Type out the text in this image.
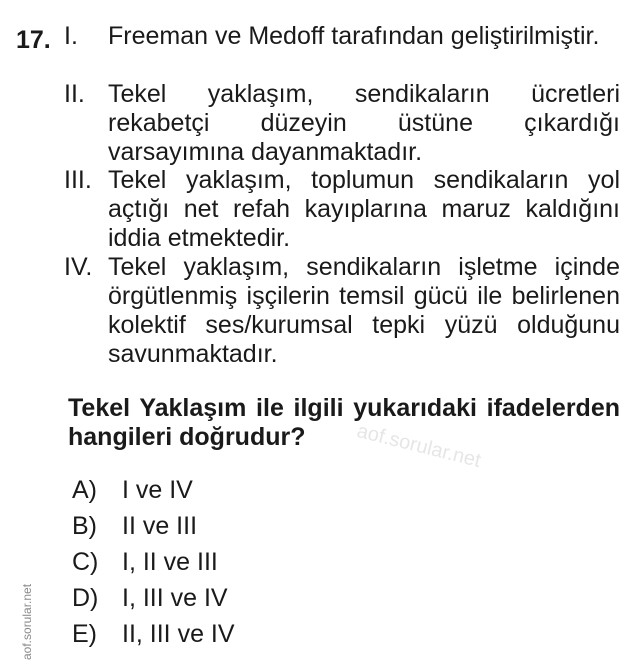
17. I. Freeman ve Medoff tarafından geliştirilmiştir.
II. Tekel yaklaşım, sendikaların ücretleri rekabetçi düzeyin üstüne çıkardığı varsayımına dayanmaktadır.
III. Tekel yaklaşım, toplumun sendikaların yol açtığı net refah kayıplarına maruz kaldığını iddia etmektedir.
IV. Tekel yaklaşım, sendikaların işletme içinde örgütlenmiş işçilerin temsil gücü ile belirlenen kolektif ses/kurumsal tepki yüzü olduğunu savunmaktadır.
Tekel Yaklaşım ile ilgili yukarıdaki ifadelerden hangileri doğrudur?	aof.sorular.net
A) I ve IV
B) II ve III
C) I, II ve III
D) I, III ve IV
E) II, III ve IV
aof.sorular.net
